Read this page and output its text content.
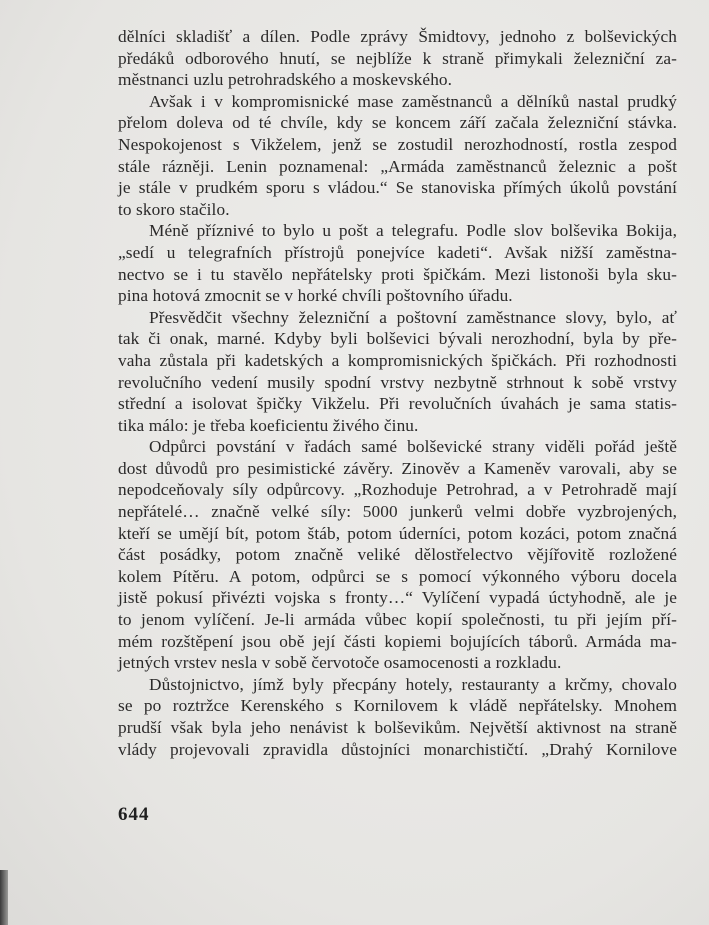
dělníci skladišť a dílen. Podle zprávy Šmidtovy, jednoho z bolševických
předáků odborového hnutí, se nejblíže k straně přimykali železniční za-
městnanci uzlu petrohradského a moskevského.
Avšak i v kompromisnické mase zaměstnanců a dělníků nastal prudký
přelom doleva od té chvíle, kdy se koncem září začala železniční stávka.
Nespokojenost s Vikželem, jenž se zostudil nerozhodností, rostla zespod
stále rázněji. Lenin poznamenal: „Armáda zaměstnanců železnic a pošt
je stále v prudkém sporu s vládou.“ Se stanoviska přímých úkolů povstání
to skoro stačilo.
Méně příznivé to bylo u pošt a telegrafu. Podle slov bolševika Bokija,
„sedí u telegrafních přístrojů ponejvíce kadeti“. Avšak nižší zaměstna-
nectvo se i tu stavělo nepřátelsky proti špičkám. Mezi listonoši byla sku-
pina hotová zmocnit se v horké chvíli poštovního úřadu.
Přesvědčit všechny železniční a poštovní zaměstnance slovy, bylo, ať
tak či onak, marné. Kdyby byli bolševici bývali nerozhodní, byla by pře-
vaha zůstala při kadetských a kompromisnických špičkách. Při rozhodnosti
revolučního vedení musily spodní vrstvy nezbytně strhnout k sobě vrstvy
střední a isolovat špičky Vikželu. Při revolučních úvahách je sama statis-
tika málo: je třeba koeficientu živého činu.
Odpůrci povstání v řadách samé bolševické strany viděli pořád ještě
dost důvodů pro pesimistické závěry. Zinověv a Kameněv varovali, aby se
nepodceňovaly síly odpůrcovy. „Rozhoduje Petrohrad, a v Petrohradě mají
nepřátelé… značně velké síly: 5000 junkerů velmi dobře vyzbrojených,
kteří se umějí bít, potom štáb, potom úderníci, potom kozáci, potom značná
část posádky, potom značně veliké dělostřelectvo vějířovitě rozložené
kolem Pítěru. A potom, odpůrci se s pomocí výkonného výboru docela
jistě pokusí přivézti vojska s fronty…“ Vylíčení vypadá úctyhodně, ale je
to jenom vylíčení. Je-li armáda vůbec kopií společnosti, tu při jejím pří-
mém rozštěpení jsou obě její části kopiemi bojujících táborů. Armáda ma-
jetných vrstev nesla v sobě červotoče osamocenosti a rozkladu.
Důstojnictvo, jímž byly přecpány hotely, restauranty a krčmy, chovalo
se po roztržce Kerenského s Kornilovem k vládě nepřátelsky. Mnohem
prudší však byla jeho nenávist k bolševikům. Největší aktivnost na straně
vlády projevovali zpravidla důstojníci monarchističtí. „Drahý Kornilove
644
